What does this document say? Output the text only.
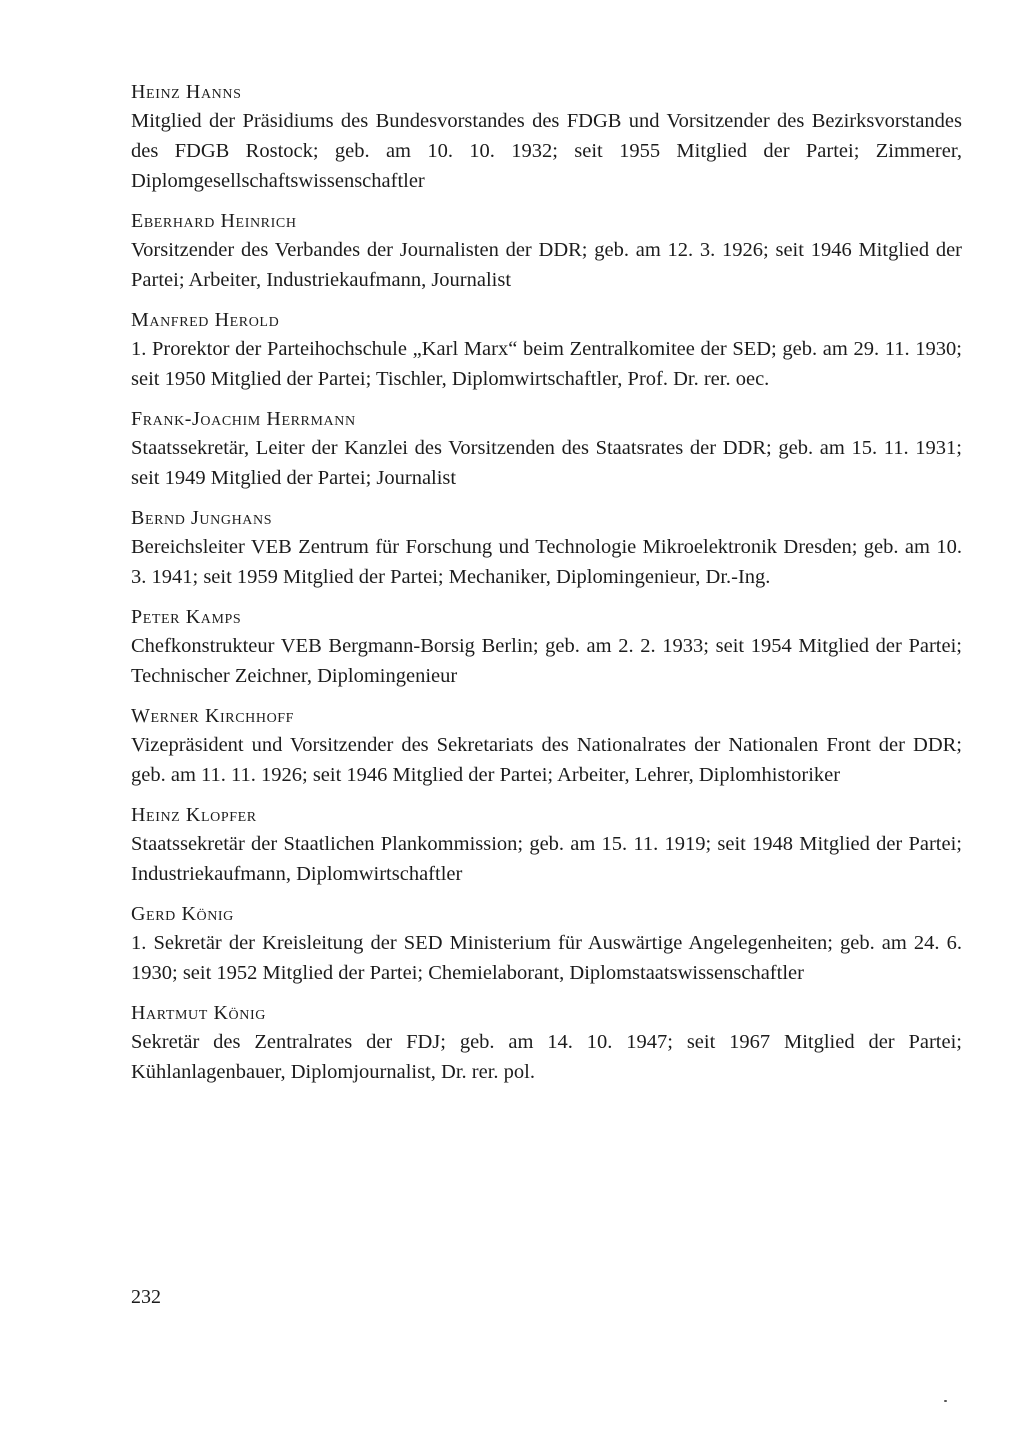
Heinz Hanns

Mitglied der Präsidiums des Bundesvorstandes des FDGB und Vorsitzender des Bezirksvorstandes des FDGB Rostock; geb. am 10. 10. 1932; seit 1955 Mitglied der Partei; Zimmerer, Diplomgesellschaftswissenschaftler

Eberhard Heinrich

Vorsitzender des Verbandes der Journalisten der DDR; geb. am 12. 3. 1926; seit 1946 Mitglied der Partei; Arbeiter, Industriekaufmann, Journalist

Manfred Herold

1. Prorektor der Parteihochschule „Karl Marx“ beim Zentralkomitee der SED; geb. am 29. 11. 1930; seit 1950 Mitglied der Partei; Tischler, Diplomwirtschaftler, Prof. Dr. rer. oec.

Frank-Joachim Herrmann

Staatssekretär, Leiter der Kanzlei des Vorsitzenden des Staatsrates der DDR; geb. am 15. 11. 1931; seit 1949 Mitglied der Partei; Journalist

Bernd Junghans

Bereichsleiter VEB Zentrum für Forschung und Technologie Mikroelektronik Dresden; geb. am 10. 3. 1941; seit 1959 Mitglied der Partei; Mechaniker, Diplomingenieur, Dr.-Ing.

Peter Kamps

Chefkonstrukteur VEB Bergmann-Borsig Berlin; geb. am 2. 2. 1933; seit 1954 Mitglied der Partei; Technischer Zeichner, Diplomingenieur

Werner Kirchhoff

Vizepräsident und Vorsitzender des Sekretariats des Nationalrates der Nationalen Front der DDR; geb. am 11. 11. 1926; seit 1946 Mitglied der Partei; Arbeiter, Lehrer, Diplomhistoriker

Heinz Klopfer

Staatssekretär der Staatlichen Plankommission; geb. am 15. 11. 1919; seit 1948 Mitglied der Partei; Industriekaufmann, Diplomwirtschaftler

Gerd König

1. Sekretär der Kreisleitung der SED Ministerium für Auswärtige Angelegenheiten; geb. am 24. 6. 1930; seit 1952 Mitglied der Partei; Chemielaborant, Diplomstaatswissenschaftler

Hartmut König

Sekretär des Zentralrates der FDJ; geb. am 14. 10. 1947; seit 1967 Mitglied der Partei; Kühlanlagenbauer, Diplomjournalist, Dr. rer. pol.

232
